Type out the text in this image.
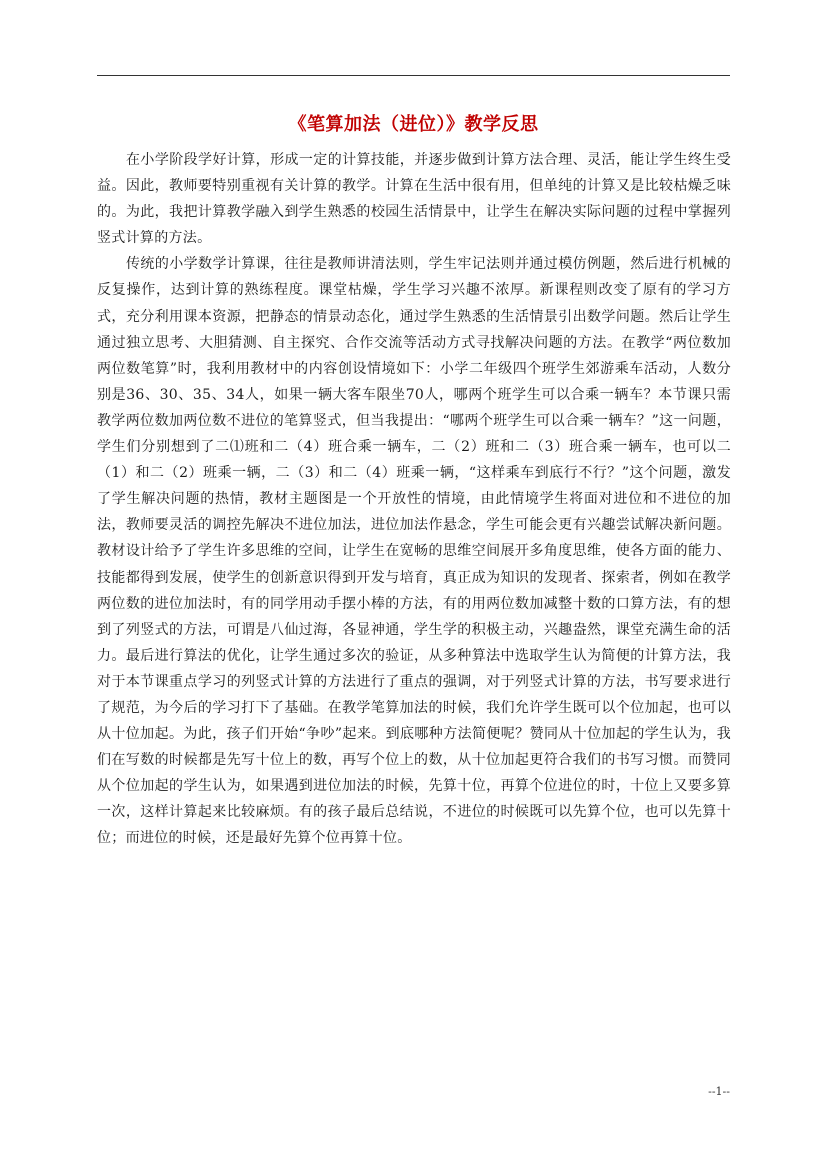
《笔算加法（进位）》教学反思

在小学阶段学好计算，形成一定的计算技能，并逐步做到计算方法合理、灵活，能让学生终生受益。因此，教师要特别重视有关计算的教学。计算在生活中很有用，但单纯的计算又是比较枯燥乏味的。为此，我把计算教学融入到学生熟悉的校园生活情景中，让学生在解决实际问题的过程中掌握列竖式计算的方法。

传统的小学数学计算课，往往是教师讲清法则，学生牢记法则并通过模仿例题，然后进行机械的反复操作，达到计算的熟练程度。课堂枯燥，学生学习兴趣不浓厚。新课程则改变了原有的学习方式，充分利用课本资源，把静态的情景动态化，通过学生熟悉的生活情景引出数学问题。然后让学生通过独立思考、大胆猜测、自主探究、合作交流等活动方式寻找解决问题的方法。在教学“两位数加两位数笔算”时，我利用教材中的内容创设情境如下：小学二年级四个班学生郊游乘车活动，人数分别是36、30、35、34人，如果一辆大客车限坐70人，哪两个班学生可以合乘一辆车？本节课只需教学两位数加两位数不进位的笔算竖式，但当我提出：“哪两个班学生可以合乘一辆车？”这一问题，学生们分别想到了二⑴班和二（4）班合乘一辆车，二（2）班和二（3）班合乘一辆车，也可以二（1）和二（2）班乘一辆，二（3）和二（4）班乘一辆，“这样乘车到底行不行？”这个问题，激发了学生解决问题的热情，教材主题图是一个开放性的情境，由此情境学生将面对进位和不进位的加法，教师要灵活的调控先解决不进位加法，进位加法作悬念，学生可能会更有兴趣尝试解决新问题。教材设计给予了学生许多思维的空间，让学生在宽畅的思维空间展开多角度思维，使各方面的能力、技能都得到发展，使学生的创新意识得到开发与培育，真正成为知识的发现者、探索者，例如在教学两位数的进位加法时，有的同学用动手摆小棒的方法，有的用两位数加减整十数的口算方法，有的想到了列竖式的方法，可谓是八仙过海，各显神通，学生学的积极主动，兴趣盎然，课堂充满生命的活力。最后进行算法的优化，让学生通过多次的验证，从多种算法中选取学生认为简便的计算方法，我对于本节课重点学习的列竖式计算的方法进行了重点的强调，对于列竖式计算的方法，书写要求进行了规范，为今后的学习打下了基础。在教学笔算加法的时候，我们允许学生既可以个位加起，也可以从十位加起。为此，孩子们开始“争吵”起来。到底哪种方法简便呢？赞同从十位加起的学生认为，我们在写数的时候都是先写十位上的数，再写个位上的数，从十位加起更符合我们的书写习惯。而赞同从个位加起的学生认为，如果遇到进位加法的时候，先算十位，再算个位进位的时，十位上又要多算一次，这样计算起来比较麻烦。有的孩子最后总结说，不进位的时候既可以先算个位，也可以先算十位；而进位的时候，还是最好先算个位再算十位。

--1--
